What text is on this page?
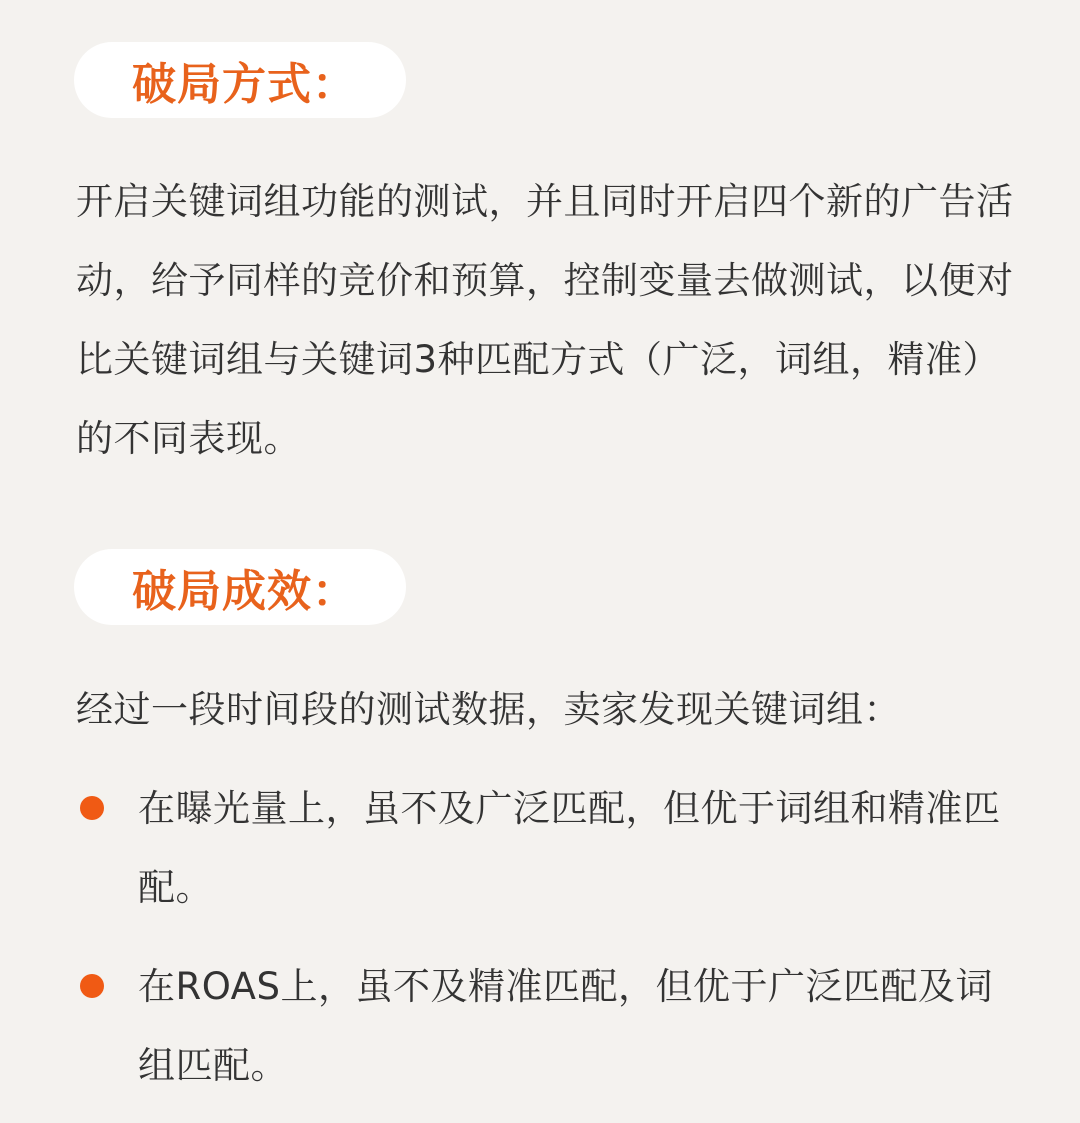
破局方式：

开启关键词组功能的测试，并且同时开启四个新的广告活动，给予同样的竞价和预算，控制变量去做测试，以便对比关键词组与关键词3种匹配方式（广泛，词组，精准）的不同表现。

破局成效：

经过一段时间段的测试数据，卖家发现关键词组：

在曝光量上，虽不及广泛匹配，但优于词组和精准匹配。
在ROAS上，虽不及精准匹配，但优于广泛匹配及词组匹配。
